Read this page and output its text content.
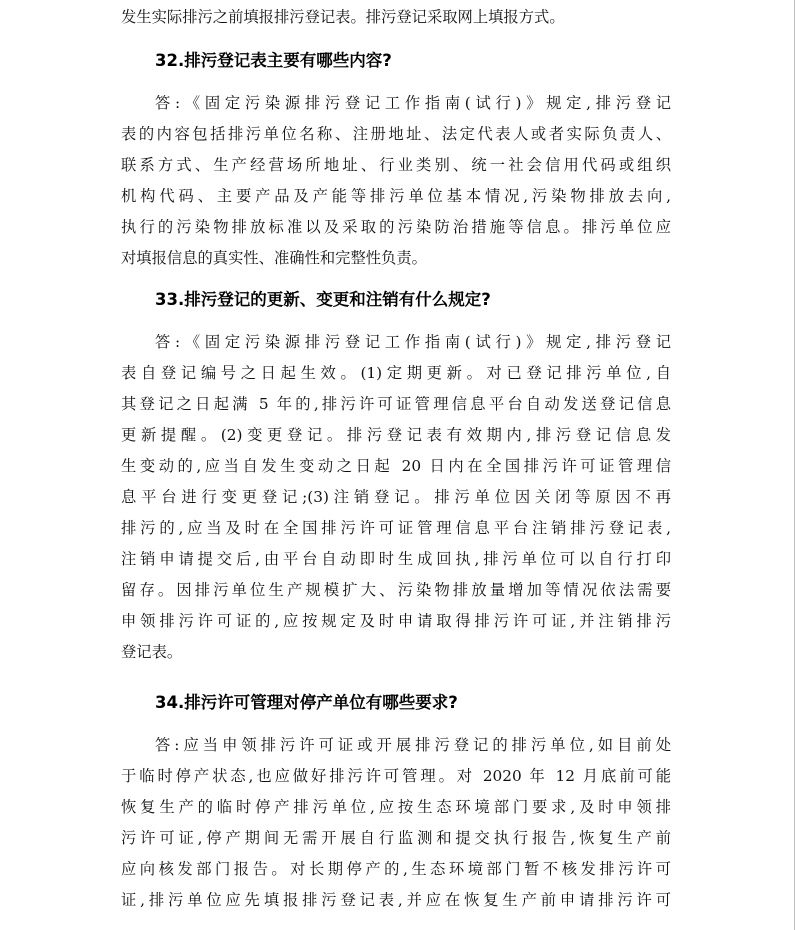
发生实际排污之前填报排污登记表。排污登记采取网上填报方式。
32.排污登记表主要有哪些内容?
答:《固定污染源排污登记工作指南(试行)》规定,排污登记
表的内容包括排污单位名称、注册地址、法定代表人或者实际负责人、
联系方式、生产经营场所地址、行业类别、统一社会信用代码或组织
机构代码、主要产品及产能等排污单位基本情况,污染物排放去向,
执行的污染物排放标准以及采取的污染防治措施等信息。排污单位应
对填报信息的真实性、准确性和完整性负责。
33.排污登记的更新、变更和注销有什么规定?
答:《固定污染源排污登记工作指南(试行)》规定,排污登记
表自登记编号之日起生效。(1)定期更新。对已登记排污单位,自
其登记之日起满 5 年的,排污许可证管理信息平台自动发送登记信息
更新提醒。(2)变更登记。排污登记表有效期内,排污登记信息发
生变动的,应当自发生变动之日起 20 日内在全国排污许可证管理信
息平台进行变更登记;(3)注销登记。排污单位因关闭等原因不再
排污的,应当及时在全国排污许可证管理信息平台注销排污登记表,
注销申请提交后,由平台自动即时生成回执,排污单位可以自行打印
留存。因排污单位生产规模扩大、污染物排放量增加等情况依法需要
申领排污许可证的,应按规定及时申请取得排污许可证,并注销排污
登记表。
34.排污许可管理对停产单位有哪些要求?
答:应当申领排污许可证或开展排污登记的排污单位,如目前处
于临时停产状态,也应做好排污许可管理。对 2020 年 12 月底前可能
恢复生产的临时停产排污单位,应按生态环境部门要求,及时申领排
污许可证,停产期间无需开展自行监测和提交执行报告,恢复生产前
应向核发部门报告。对长期停产的,生态环境部门暂不核发排污许可
证,排污单位应先填报排污登记表,并应在恢复生产前申请排污许可
